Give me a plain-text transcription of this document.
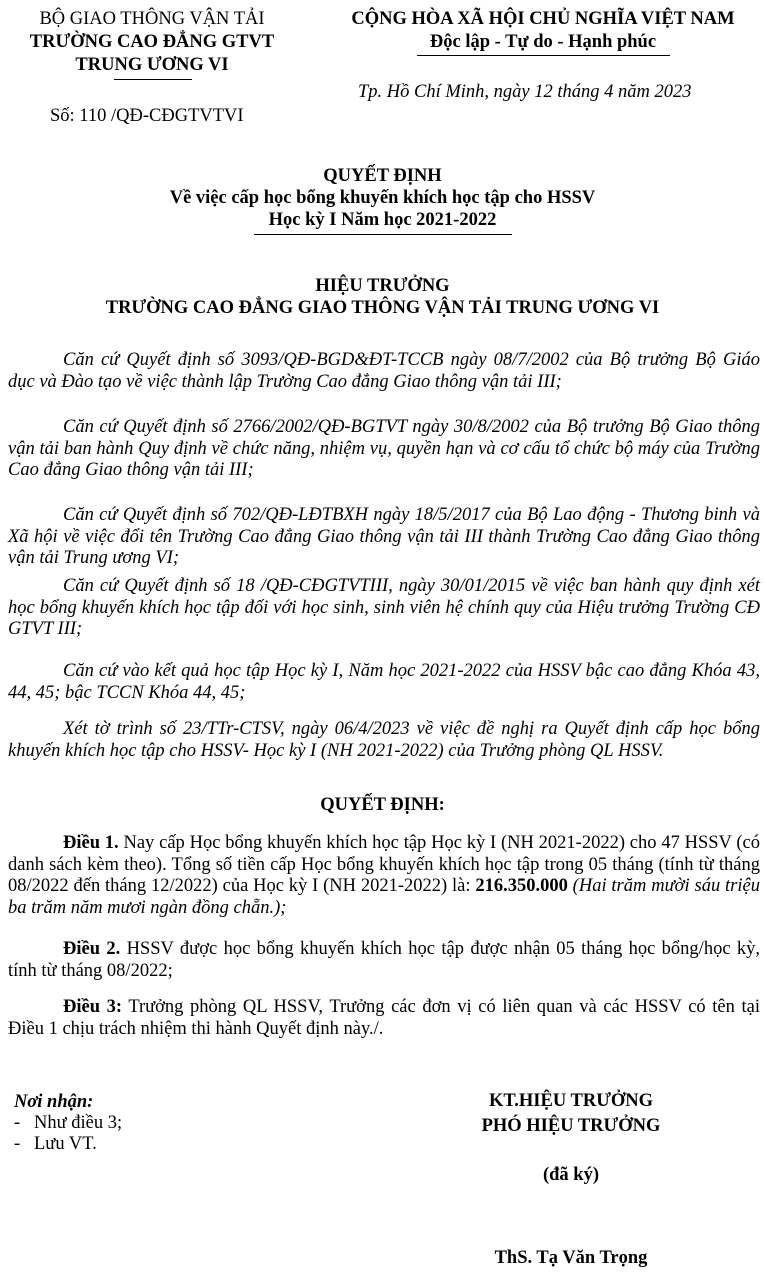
BỘ GIAO THÔNG VẬN TẢI
TRƯỜNG CAO ĐẲNG GTVT
TRUNG ƯƠNG VI
CỘNG HÒA XÃ HỘI CHỦ NGHĨA VIỆT NAM
Độc lập - Tự do - Hạnh phúc
Số: 110 /QĐ-CĐGTVTVI
Tp. Hồ Chí Minh, ngày 12 tháng 4 năm 2023
QUYẾT ĐỊNH
Về việc cấp học bổng khuyến khích học tập cho HSSV
Học kỳ I Năm học 2021-2022
HIỆU TRƯỞNG
TRƯỜNG CAO ĐẲNG GIAO THÔNG VẬN TẢI TRUNG ƯƠNG VI
Căn cứ Quyết định số 3093/QĐ-BGD&ĐT-TCCB ngày 08/7/2002 của Bộ trưởng Bộ Giáo dục và Đào tạo về việc thành lập Trường Cao đẳng Giao thông vận tải III;
Căn cứ Quyết định số 2766/2002/QĐ-BGTVT ngày 30/8/2002 của Bộ trưởng Bộ Giao thông vận tải ban hành Quy định về chức năng, nhiệm vụ, quyền hạn và cơ cấu tổ chức bộ máy của Trường Cao đẳng Giao thông vận tải III;
Căn cứ Quyết định số 702/QĐ-LĐTBXH ngày 18/5/2017 của Bộ Lao động - Thương binh và Xã hội về việc đổi tên Trường Cao đẳng Giao thông vận tải III thành Trường Cao đẳng Giao thông vận tải Trung ương VI;
Căn cứ Quyết định số 18 /QĐ-CĐGTVTIII, ngày 30/01/2015 về việc ban hành quy định xét học bổng khuyến khích học tập đối với học sinh, sinh viên hệ chính quy của Hiệu trưởng Trường CĐ GTVT III;
Căn cứ vào kết quả học tập Học kỳ I, Năm học 2021-2022 của HSSV bậc cao đẳng Khóa 43, 44, 45; bậc TCCN Khóa 44, 45;
Xét tờ trình số 23/TTr-CTSV, ngày 06/4/2023 về việc đề nghị ra Quyết định cấp học bổng khuyến khích học tập cho HSSV- Học kỳ I (NH 2021-2022) của Trưởng phòng QL HSSV.
QUYẾT ĐỊNH:
Điều 1. Nay cấp Học bổng khuyến khích học tập Học kỳ I (NH 2021-2022) cho 47 HSSV (có danh sách kèm theo). Tổng số tiền cấp Học bổng khuyến khích học tập trong 05 tháng (tính từ tháng 08/2022 đến tháng 12/2022) của Học kỳ I (NH 2021-2022) là: 216.350.000 (Hai trăm mười sáu triệu ba trăm năm mươi ngàn đồng chẵn.);
Điều 2. HSSV được học bổng khuyến khích học tập được nhận 05 tháng học bổng/học kỳ, tính từ tháng 08/2022;
Điều 3: Trưởng phòng QL HSSV, Trưởng các đơn vị có liên quan và các HSSV có tên tại Điều 1 chịu trách nhiệm thi hành Quyết định này./.
Nơi nhận:
- Như điều 3;
- Lưu VT.
KT.HIỆU TRƯỞNG
PHÓ HIỆU TRƯỞNG
(đã ký)
ThS. Tạ Văn Trọng
